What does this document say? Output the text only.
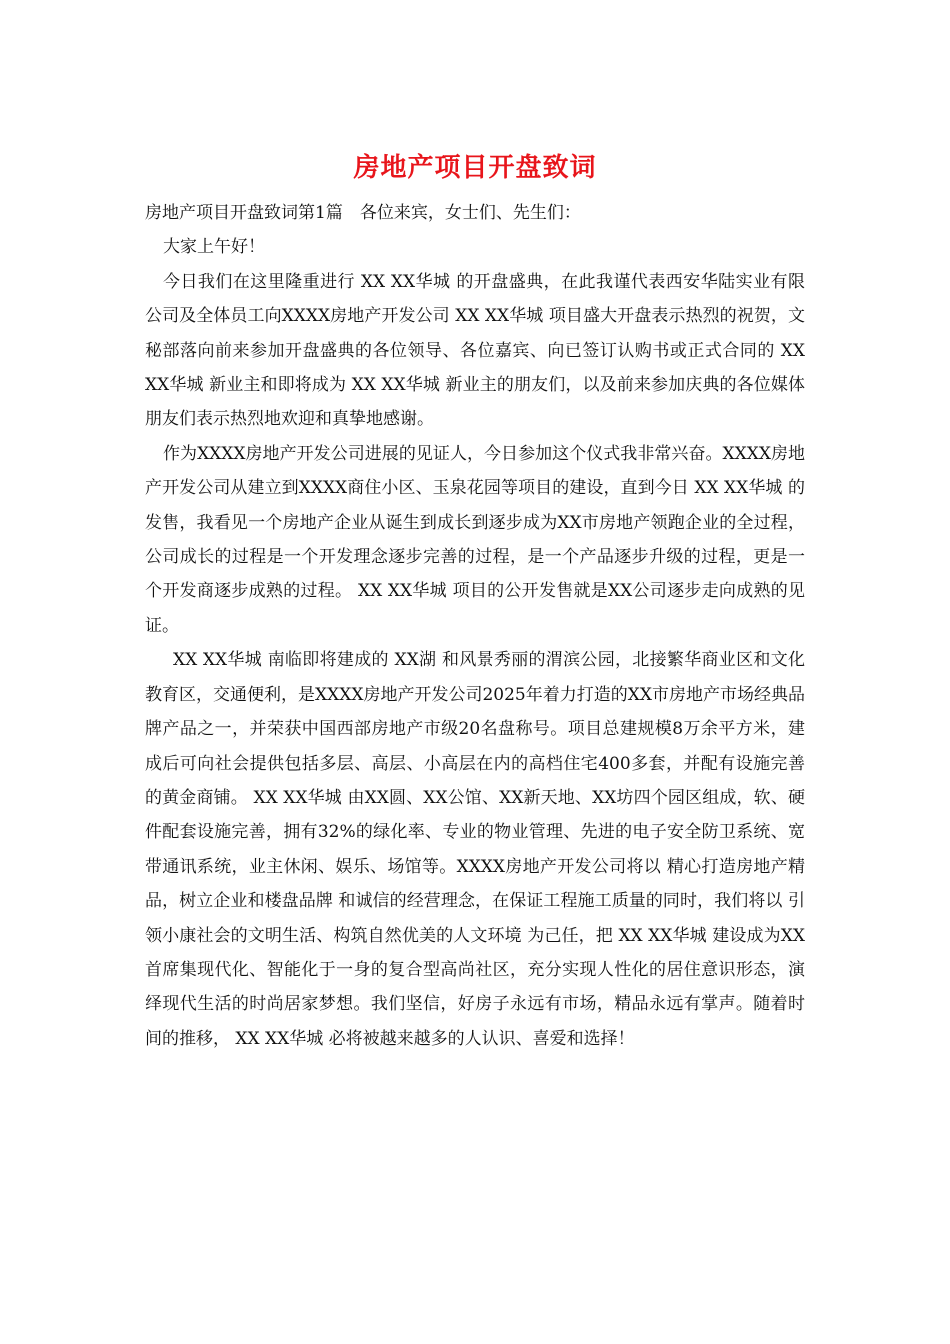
房地产项目开盘致词

房地产项目开盘致词第1篇　各位来宾，女士们、先生们：

大家上午好！

今日我们在这里隆重进行 XX XX华城 的开盘盛典，在此我谨代表西安华陆实业有限公司及全体员工向XXXX房地产开发公司 XX XX华城 项目盛大开盘表示热烈的祝贺，文秘部落向前来参加开盘盛典的各位领导、各位嘉宾、向已签订认购书或正式合同的 XX XX华城 新业主和即将成为 XX XX华城 新业主的朋友们，以及前来参加庆典的各位媒体朋友们表示热烈地欢迎和真挚地感谢。

作为XXXX房地产开发公司进展的见证人，今日参加这个仪式我非常兴奋。XXXX房地产开发公司从建立到XXXX商住小区、玉泉花园等项目的建设，直到今日 XX XX华城 的发售，我看见一个房地产企业从诞生到成长到逐步成为XX市房地产领跑企业的全过程，公司成长的过程是一个开发理念逐步完善的过程，是一个产品逐步升级的过程，更是一个开发商逐步成熟的过程。 XX XX华城 项目的公开发售就是XX公司逐步走向成熟的见证。

XX XX华城 南临即将建成的 XX湖 和风景秀丽的渭滨公园，北接繁华商业区和文化教育区，交通便利，是XXXX房地产开发公司2025年着力打造的XX市房地产市场经典品牌产品之一，并荣获中国西部房地产市级20名盘称号。项目总建规模8万余平方米，建成后可向社会提供包括多层、高层、小高层在内的高档住宅400多套，并配有设施完善的黄金商铺。 XX XX华城 由XX圆、XX公馆、XX新天地、XX坊四个园区组成，软、硬件配套设施完善，拥有32%的绿化率、专业的物业管理、先进的电子安全防卫系统、宽带通讯系统，业主休闲、娱乐、场馆等。XXXX房地产开发公司将以 精心打造房地产精品，树立企业和楼盘品牌 和诚信的经营理念，在保证工程施工质量的同时，我们将以 引领小康社会的文明生活、构筑自然优美的人文环境 为己任，把 XX XX华城 建设成为XX首席集现代化、智能化于一身的复合型高尚社区，充分实现人性化的居住意识形态，演绎现代生活的时尚居家梦想。我们坚信，好房子永远有市场，精品永远有掌声。随着时间的推移， XX XX华城 必将被越来越多的人认识、喜爱和选择！
